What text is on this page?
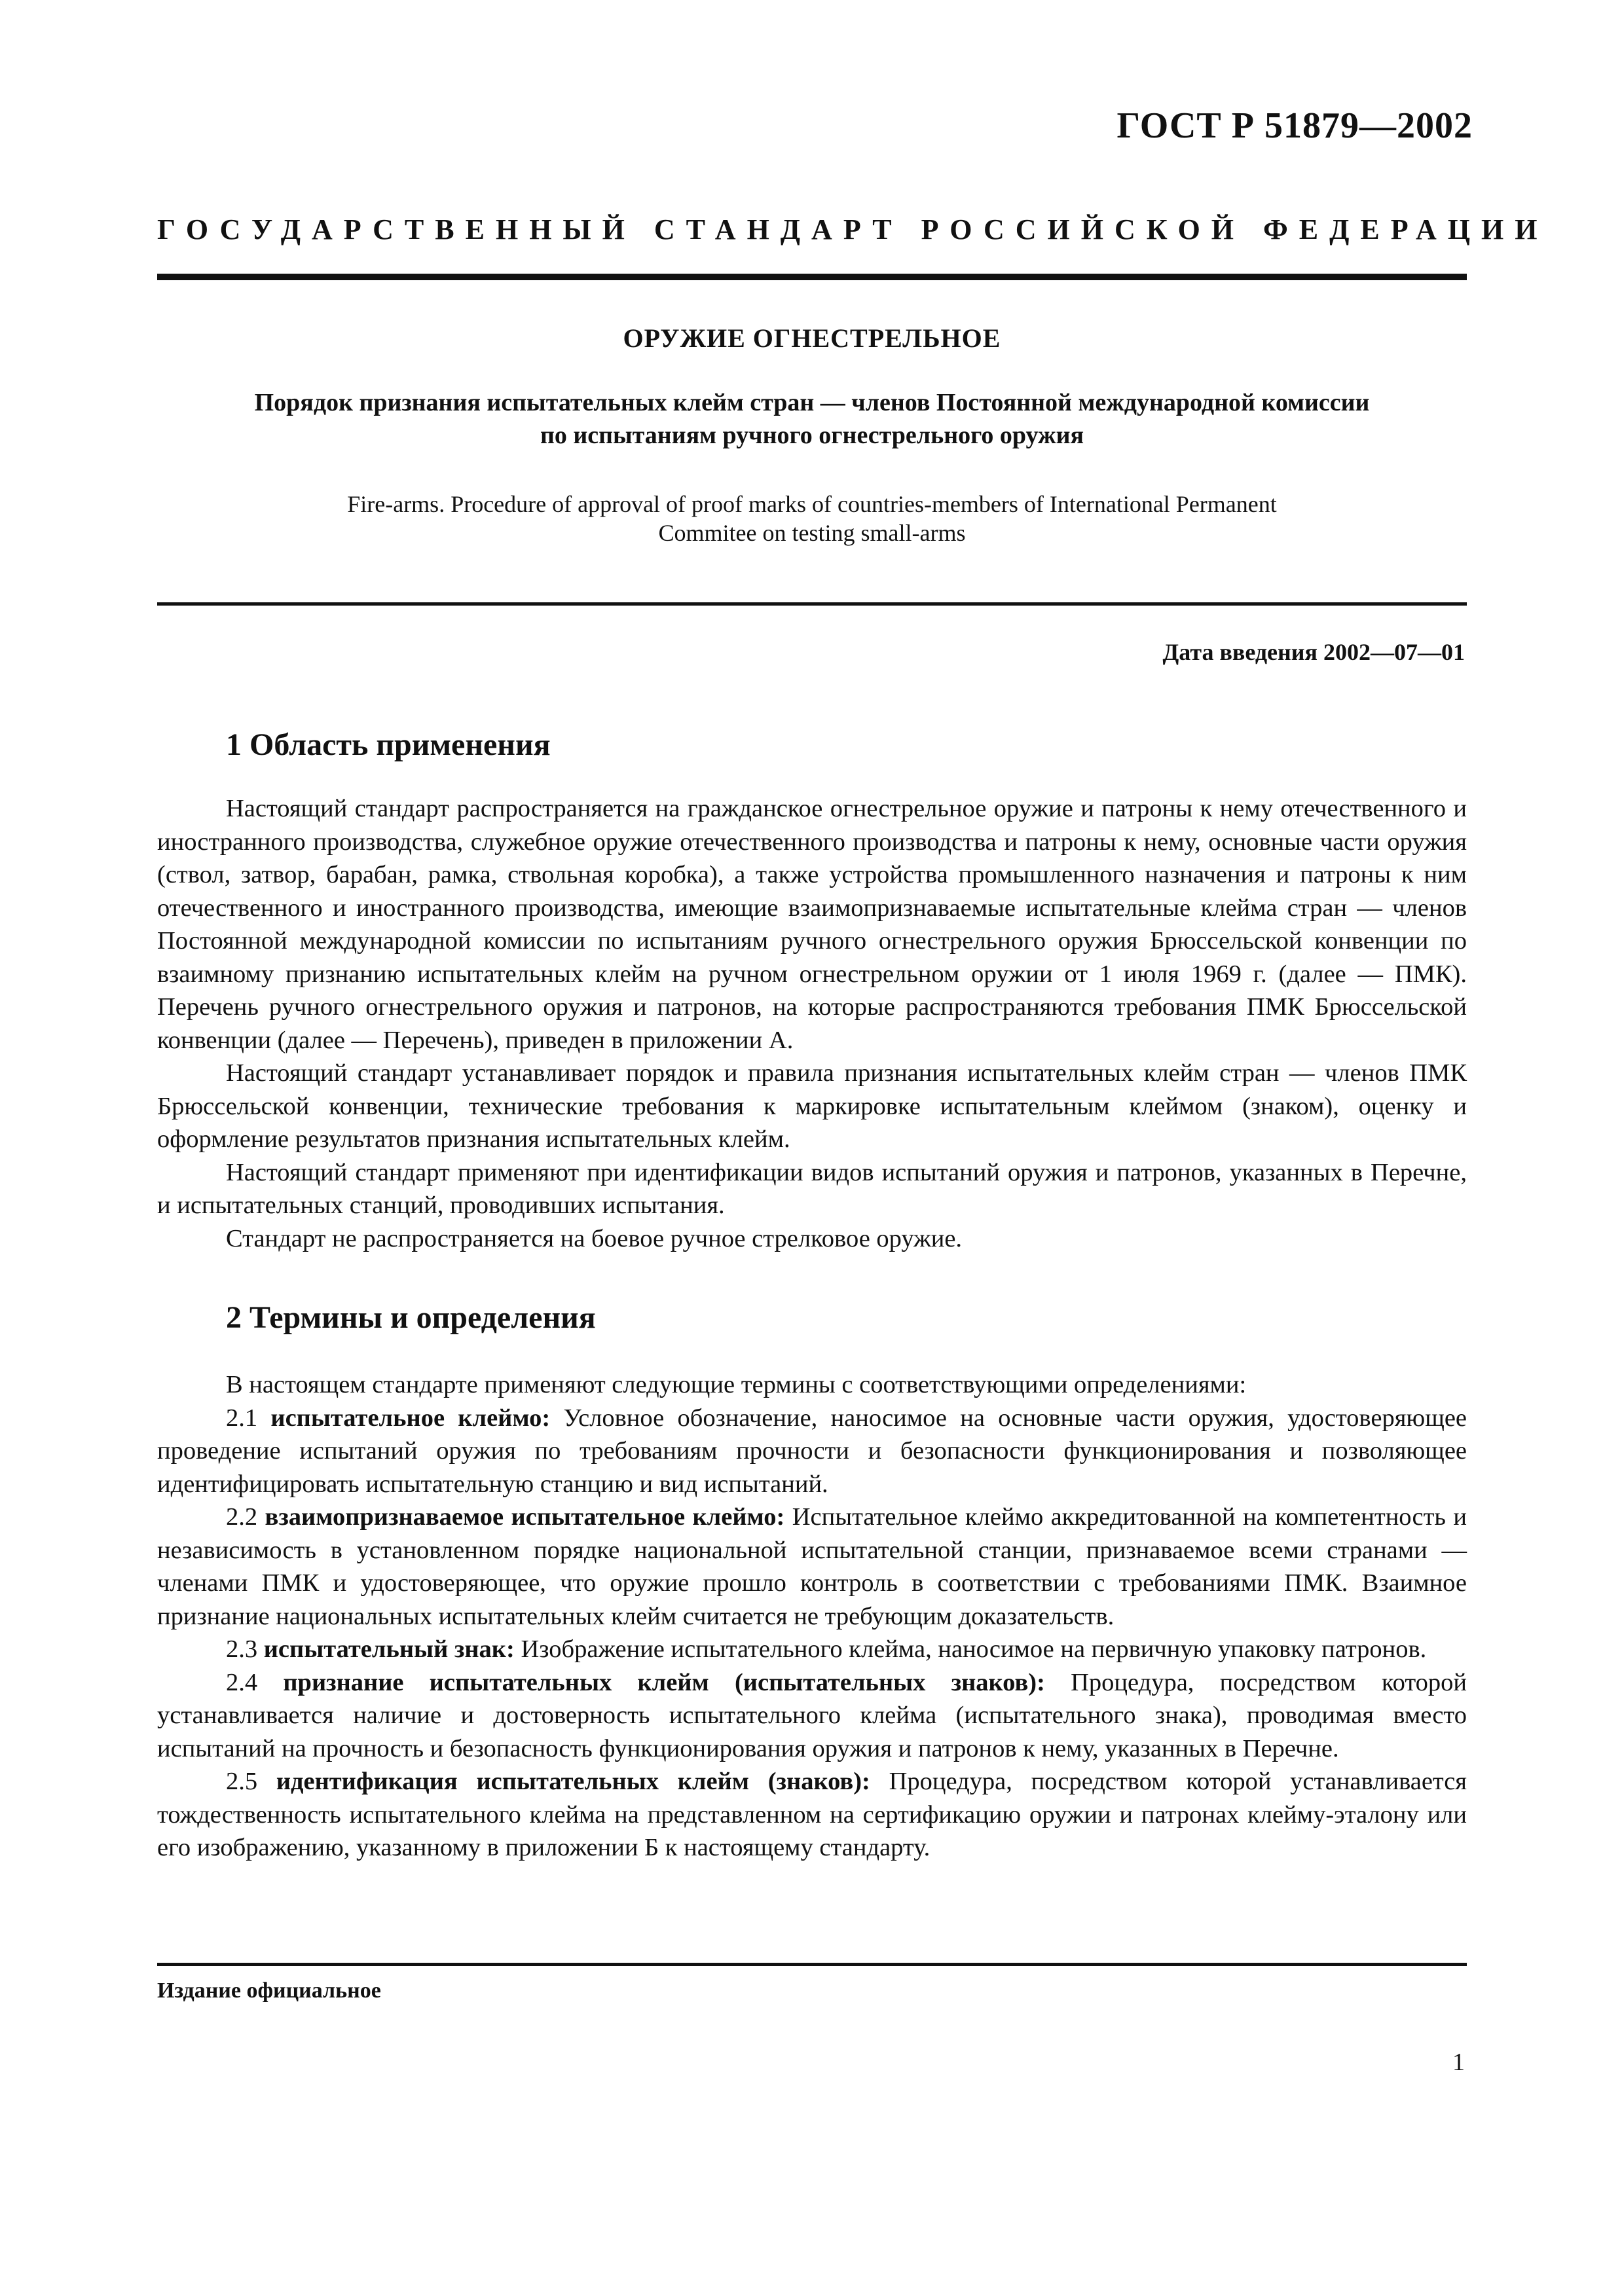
ГОСТ Р 51879—2002
ГОСУДАРСТВЕННЫЙ СТАНДАРТ РОССИЙСКОЙ ФЕДЕРАЦИИ
ОРУЖИЕ ОГНЕСТРЕЛЬНОЕ
Порядок признания испытательных клейм стран — членов Постоянной международной комиссии
по испытаниям ручного огнестрельного оружия
Fire-arms. Procedure of approval of proof marks of countries-members of International Permanent
Commitee on testing small-arms
Дата введения 2002—07—01
1 Область применения

Настоящий стандарт распространяется на гражданское огнестрельное оружие и патроны к нему отечественного и иностранного производства, служебное оружие отечественного производства и патроны к нему, основные части оружия (ствол, затвор, барабан, рамка, ствольная коробка), а также устройства промышленного назначения и патроны к ним отечественного и иностранного производства, имеющие взаимопризнаваемые испытательные клейма стран — членов Постоянной международной комиссии по испытаниям ручного огнестрельного оружия Брюссельской конвенции по взаимному признанию испытательных клейм на ручном огнестрельном оружии от 1 июля 1969 г. (далее — ПМК). Перечень ручного огнестрельного оружия и патронов, на которые распространяются требования ПМК Брюссельской конвенции (далее — Перечень), приведен в приложении А.

Настоящий стандарт устанавливает порядок и правила признания испытательных клейм стран — членов ПМК Брюссельской конвенции, технические требования к маркировке испытательным клеймом (знаком), оценку и оформление результатов признания испытательных клейм.

Настоящий стандарт применяют при идентификации видов испытаний оружия и патронов, указанных в Перечне, и испытательных станций, проводивших испытания.

Стандарт не распространяется на боевое ручное стрелковое оружие.

2 Термины и определения

В настоящем стандарте применяют следующие термины с соответствующими определениями:

2.1 испытательное клеймо: Условное обозначение, наносимое на основные части оружия, удостоверяющее проведение испытаний оружия по требованиям прочности и безопасности функционирования и позволяющее идентифицировать испытательную станцию и вид испытаний.

2.2 взаимопризнаваемое испытательное клеймо: Испытательное клеймо аккредитованной на компетентность и независимость в установленном порядке национальной испытательной станции, признаваемое всеми странами — членами ПМК и удостоверяющее, что оружие прошло контроль в соответствии с требованиями ПМК. Взаимное признание национальных испытательных клейм считается не требующим доказательств.

2.3 испытательный знак: Изображение испытательного клейма, наносимое на первичную упаковку патронов.

2.4 признание испытательных клейм (испытательных знаков): Процедура, посредством которой устанавливается наличие и достоверность испытательного клейма (испытательного знака), проводимая вместо испытаний на прочность и безопасность функционирования оружия и патронов к нему, указанных в Перечне.

2.5 идентификация испытательных клейм (знаков): Процедура, посредством которой устанавливается тождественность испытательного клейма на представленном на сертификацию оружии и патронах клейму-эталону или его изображению, указанному в приложении Б к настоящему стандарту.

Издание официальное
1
